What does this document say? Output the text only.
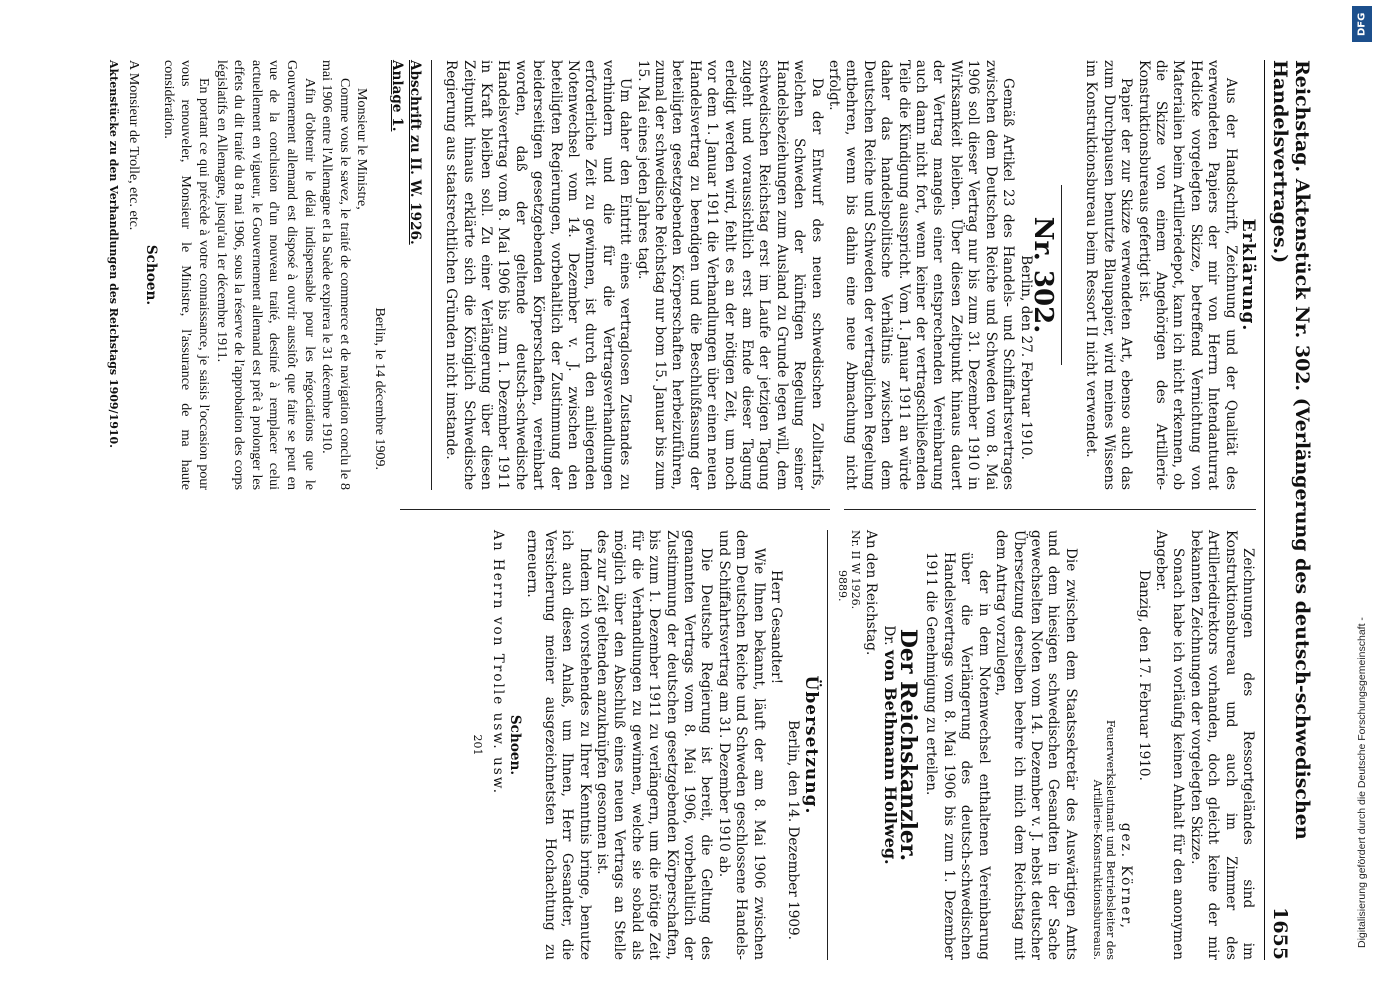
DFG
Digitalisierung gefördert durch die Deutsche Forschungsgemeinschaft -
Reichstag. Aktenstück Nr. 302. (Verlängerung des deutsch-schwedischen Handelsvertrages.)
1655
Erklärung.

Aus der Handschrift, Zeichnung und der Qualität des verwendeten Papiers der mir von Herrn Intendanturrat Hedicke vorgelegten Skizze, betreffend Vernichtung von Materialien beim Artilleriedepot, kann ich nicht erkennen, ob die Skizze von einem Angehörigen des Artillerie-Konstruktionsbureaus gefertigt ist.

Papier der zur Skizze verwendeten Art, ebenso auch das zum Durchpausen benutzte Blaupapier, wird meines Wissens im Konstruktionsbureau beim Ressort II nicht verwendet.

Nr. 302.
Berlin, den 27. Februar 1910.

Gemäß Artikel 23 des Handels- und Schiffahrtsvertrages zwischen dem Deutschen Reiche und Schweden vom 8. Mai 1906 soll dieser Vertrag nur bis zum 31. Dezember 1910 in Wirksamkeit bleiben. Über diesen Zeitpunkt hinaus dauert der Vertrag mangels einer entsprechenden Vereinbarung auch dann nicht fort, wenn keiner der vertragschließenden Teile die Kündigung ausspricht. Vom 1. Januar 1911 an würde daher das handelspolitische Verhältnis zwischen dem Deutschen Reiche und Schweden der vertraglichen Regelung entbehren, wenn bis dahin eine neue Abmachung nicht erfolgt.

Da der Entwurf des neuen schwedischen Zolltarifs, welchen Schweden der künftigen Regelung seiner Handelsbeziehungen zum Ausland zu Grunde legen will, dem schwedischen Reichstag erst im Laufe der jetzigen Tagung zugeht und voraussichtlich erst am Ende dieser Tagung erledigt werden wird, fehlt es an der nötigen Zeit, um noch vor dem 1. Januar 1911 die Verhandlungen über einen neuen Handelsvertrag zu beendigen und die Beschlußfassung der beteiligten gesetzgebenden Körperschaften herbeizuführen, zumal der schwedische Reichstag nur bom 15. Januar bis zum 15. Mai eines jeden Jahres tagt.

Um daher den Eintritt eines vertraglosen Zustandes zu verhindern und die für die Vertragsverhandlungen erforderliche Zeit zu gewinnen, ist durch den anliegenden Notenwechsel vom 14. Dezember v. J. zwischen den beteiligten Regierungen, vorbehaltlich der Zustimmung der beiderseitigen gesetzgebenden Körperschaften, vereinbart worden, daß der geltende deutsch-schwedische Handelsvertrag vom 8. Mai 1906 bis zum 1. Dezember 1911 in Kraft bleiben soll. Zu einer Verlängerung über diesen Zeitpunkt hinaus erklärte sich die Königlich Schwedische Regierung aus staatsrechtlichen Gründen nicht imstande.

Abschrift zu II. W. 1926.
Anlage 1.
Berlin, le 14 décembre 1909.
Monsieur le Ministre,

Comme vous le savez, le traité de commerce et de navigation conclu le 8 mai 1906 entre l'Allemagne et la Suède expirera le 31 décembre 1910.

Afin d'obtenir le délai indispensable pour les négociations que le Gouvernement allemand est disposé à ouvrir aussitôt que faire se peut en vue de la conclusion d'un nouveau traité, destiné à remplacer celui actuellement en vigueur, le Gouvernement allemand est prêt à prolonger les effets du dit traité du 8 mai 1906, sous la réserve de l'approbation des corps législatifs en Allemagne, jusqu'au 1er décembre 1911.

En portant ce qui précède à votre connaissance, je saisis l'occasion pour vous renouveler, Monsieur le Ministre, l'assurance de ma haute considération.

Schoen.
A Monsieur de Trolle, etc. etc.
Aktenstücke zu den Verhandlungen des Reichstags 1909/1910.

Zeichnungen des Ressortgeländes sind im Konstruktionsbureau und auch im Zimmer des Artilleriedirektors vorhanden, doch gleicht keine der mir bekannten Zeichnungen der vorgelegten Skizze.

Sonach habe ich vorläufig keinen Anhalt für den anonymen Angeber.

Danzig, den 17. Februar 1910.
gez. Körner,
Feuerwerksleutnant und Betriebsleiter des
Artillerie-Konstruktionsbureaus.

Die zwischen dem Staatssekretär des Auswärtigen Amts und dem hiesigen schwedischen Gesandten in der Sache gewechselten Noten vom 14. Dezember v. J. nebst deutscher Übersetzung derselben beehre ich mich dem Reichstag mit dem Antrag vorzulegen,

der in dem Notenwechsel enthaltenen Vereinbarung über die Verlängerung des deutsch-schwedischen Handelsvertrags vom 8. Mai 1906 bis zum 1. Dezember 1911 die Genehmigung zu erteilen.

Der Reichskanzler.
Dr. von Bethmann Hollweg.
An den Reichstag.
Nr. II W 1926.
9889.
Übersetzung.
Berlin, den 14. Dezember 1909.
Herr Gesandter!

Wie Ihnen bekannt, läuft der am 8. Mai 1906 zwischen dem Deutschen Reiche und Schweden geschlossene Handels- und Schiffahrtsvertrag am 31. Dezember 1910 ab.

Die Deutsche Regierung ist bereit, die Geltung des genannten Vertrags vom 8. Mai 1906, vorbehaltlich der Zustimmung der deutschen gesetzgebenden Körperschaften, bis zum 1. Dezember 1911 zu verlängern, um die nötige Zeit für die Verhandlungen zu gewinnen, welche sie sobald als möglich über den Abschluß eines neuen Vertrags an Stelle des zur Zeit geltenden anzuknüpfen gesonnen ist.

Indem ich vorstehendes zu Ihrer Kenntnis bringe, benutze ich auch diesen Anlaß, um Ihnen, Herr Gesandter, die Versicherung meiner ausgezeichnetsten Hochachtung zu erneuern.

Schoen.
An Herrn von Trolle usw. usw.
201
